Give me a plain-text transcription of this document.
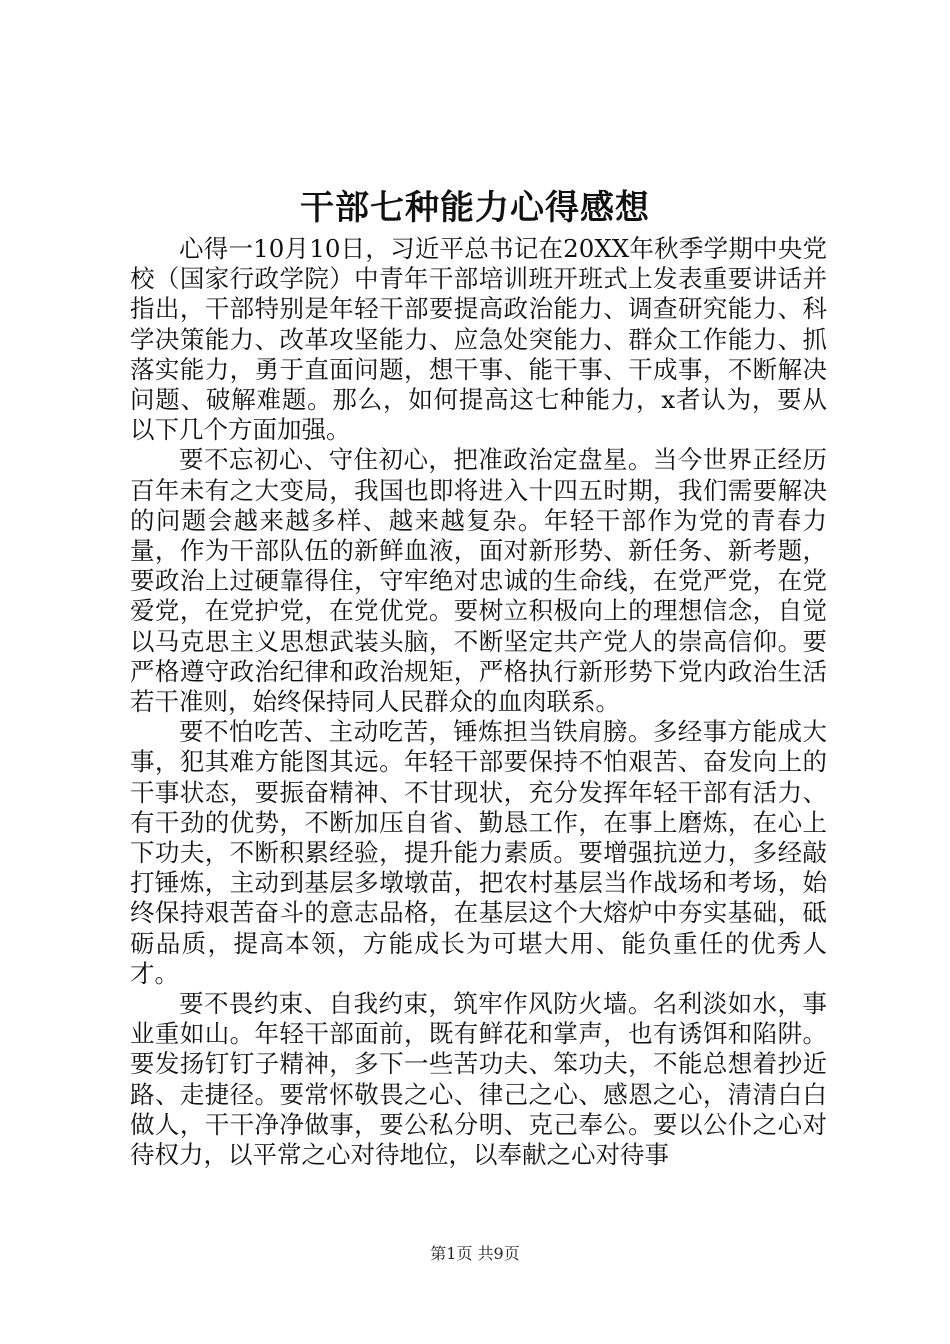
干部七种能力心得感想

心得一10月10日，习近平总书记在20XX年秋季学期中央党校（国家行政学院）中青年干部培训班开班式上发表重要讲话并指出，干部特别是年轻干部要提高政治能力、调查研究能力、科学决策能力、改革攻坚能力、应急处突能力、群众工作能力、抓落实能力，勇于直面问题，想干事、能干事、干成事，不断解决问题、破解难题。那么，如何提高这七种能力，x者认为，要从以下几个方面加强。

要不忘初心、守住初心，把准政治定盘星。当今世界正经历百年未有之大变局，我国也即将进入十四五时期，我们需要解决的问题会越来越多样、越来越复杂。年轻干部作为党的青春力量，作为干部队伍的新鲜血液，面对新形势、新任务、新考题，要政治上过硬靠得住，守牢绝对忠诚的生命线，在党严党，在党爱党，在党护党，在党优党。要树立积极向上的理想信念，自觉以马克思主义思想武装头脑，不断坚定共产党人的崇高信仰。要严格遵守政治纪律和政治规矩，严格执行新形势下党内政治生活若干准则，始终保持同人民群众的血肉联系。

要不怕吃苦、主动吃苦，锤炼担当铁肩膀。多经事方能成大事，犯其难方能图其远。年轻干部要保持不怕艰苦、奋发向上的干事状态，要振奋精神、不甘现状，充分发挥年轻干部有活力、有干劲的优势，不断加压自省、勤恳工作，在事上磨炼，在心上下功夫，不断积累经验，提升能力素质。要增强抗逆力，多经敲打锤炼，主动到基层多墩墩苗，把农村基层当作战场和考场，始终保持艰苦奋斗的意志品格，在基层这个大熔炉中夯实基础，砥砺品质，提高本领，方能成长为可堪大用、能负重任的优秀人才。

要不畏约束、自我约束，筑牢作风防火墙。名利淡如水，事业重如山。年轻干部面前，既有鲜花和掌声，也有诱饵和陷阱。要发扬钉钉子精神，多下一些苦功夫、笨功夫，不能总想着抄近路、走捷径。要常怀敬畏之心、律己之心、感恩之心，清清白白做人，干干净净做事，要公私分明、克己奉公。要以公仆之心对待权力，以平常之心对待地位，以奉献之心对待事

第1页 共9页
